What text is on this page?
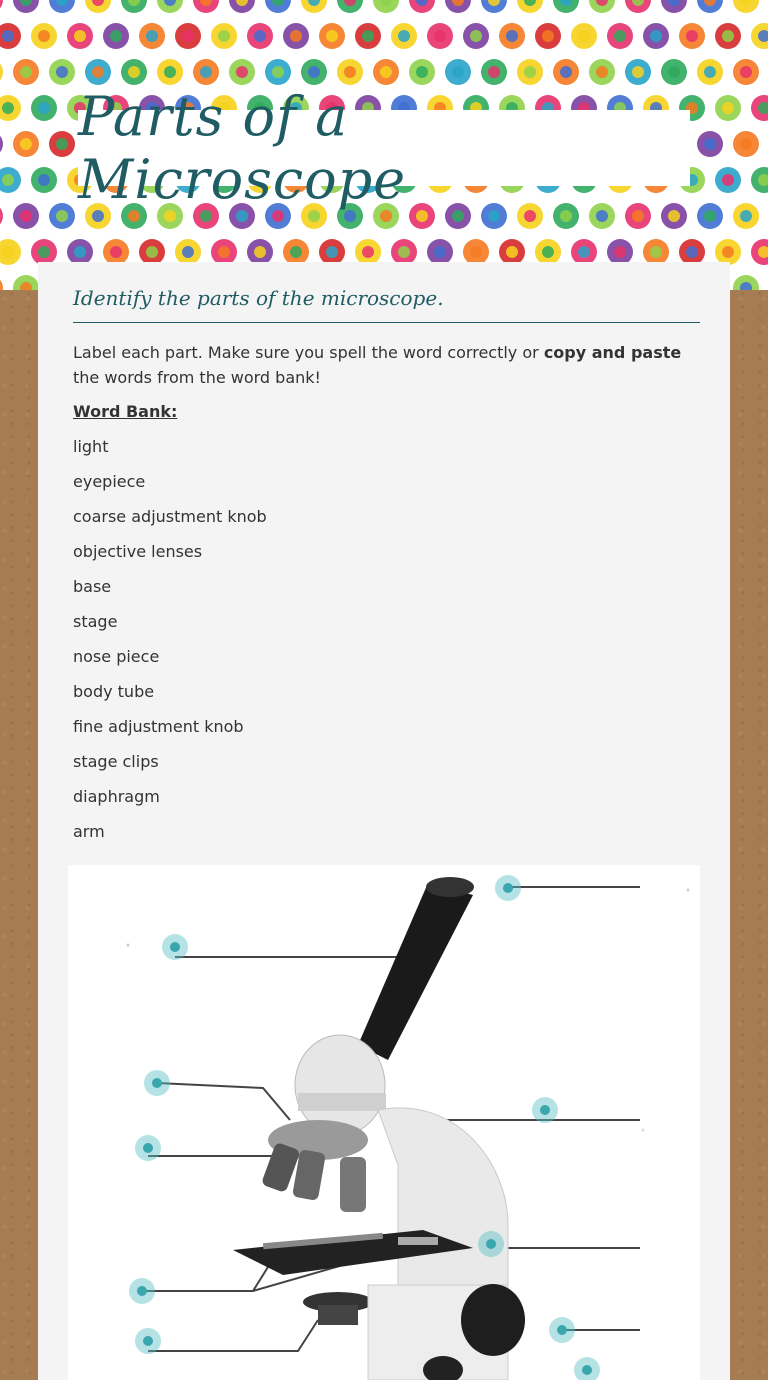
Parts of a Microscope
Identify the parts of the microscope.
Label each part. Make sure you spell the word correctly or copy and paste the words from the word bank!
Word Bank:
light
eyepiece
coarse adjustment knob
objective lenses
base
stage
nose piece
body tube
fine adjustment knob
stage clips
diaphragm
arm
